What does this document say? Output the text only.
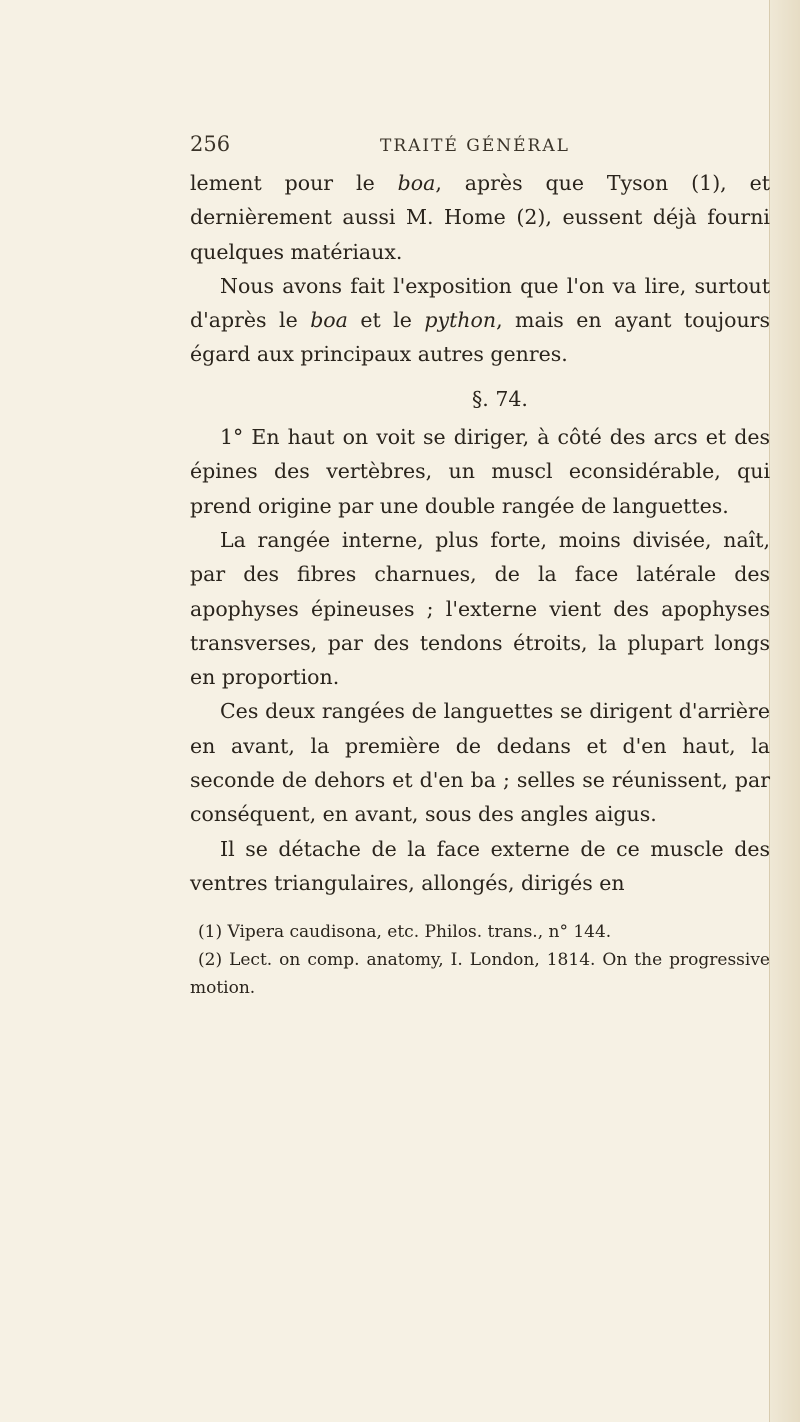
256	TRAITÉ GÉNÉRAL

lement pour le boa, après que Tyson (1), et dernièrement aussi M. Home (2), eussent déjà fourni quelques matériaux.

Nous avons fait l'exposition que l'on va lire, surtout d'après le boa et le python, mais en ayant toujours égard aux principaux autres genres.

§. 74.

1° En haut on voit se diriger, à côté des arcs et des épines des vertèbres, un muscl econsidérable, qui prend origine par une double rangée de languettes.

La rangée interne, plus forte, moins divisée, naît, par des fibres charnues, de la face latérale des apophyses épineuses ; l'externe vient des apophyses transverses, par des tendons étroits, la plupart longs en proportion.

Ces deux rangées de languettes se dirigent d'arrière en avant, la première de dedans et d'en haut, la seconde de dehors et d'en ba ; selles se réunissent, par conséquent, en avant, sous des angles aigus.

Il se détache de la face externe de ce muscle des ventres triangulaires, allongés, dirigés en

(1) Vipera caudisona, etc. Philos. trans., n° 144.

(2) Lect. on comp. anatomy, I. London, 1814. On the progressive motion.
